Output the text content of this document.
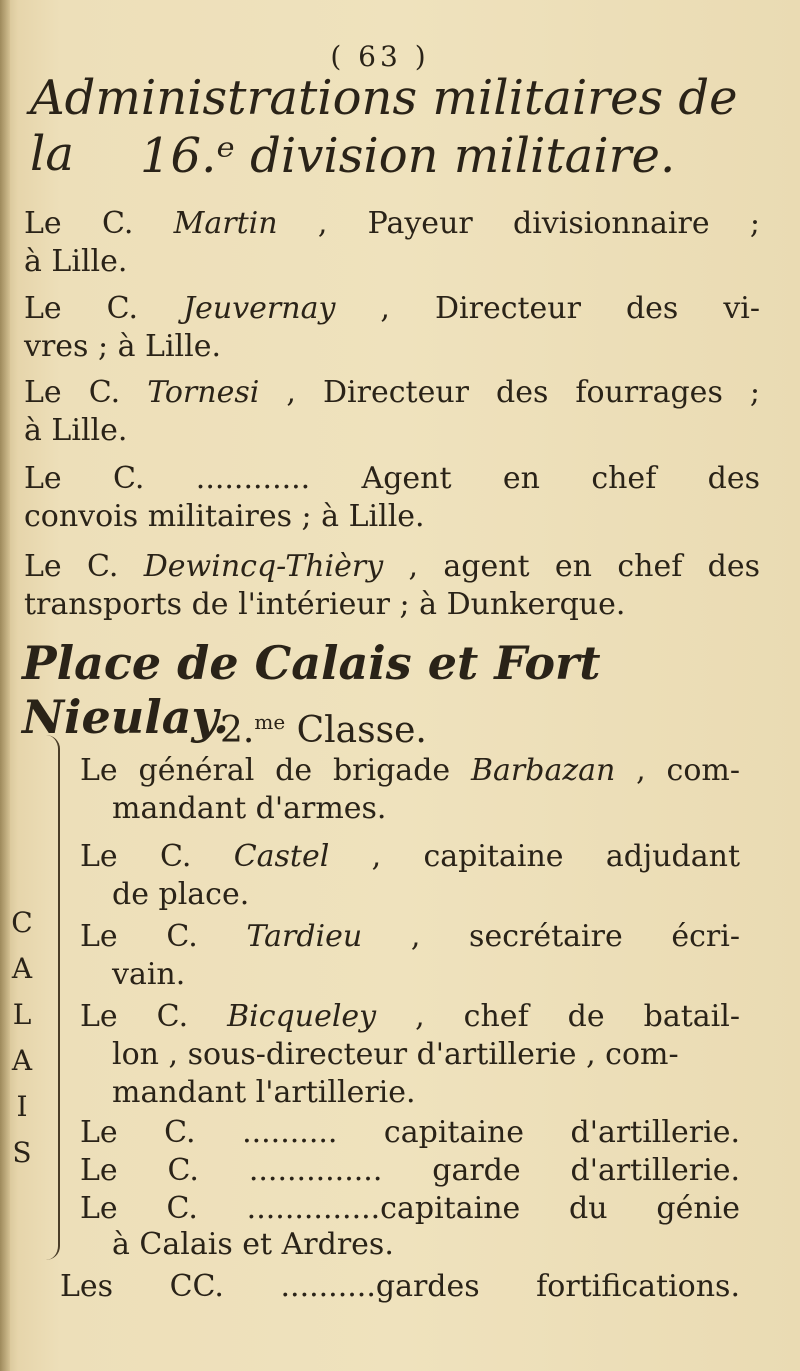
( 63 )
Administrations militaires de la	16.ᵉ division militaire.
Le C. Martin , Payeur divisionnaire ;
à Lille.
Le C. Jeuvernay , Directeur des vi-
vres ; à Lille.
Le C. Tornesi , Directeur des fourrages ;
à Lille.
Le C. ............ Agent en chef des
convois militaires ; à Lille.
Le C. Dewincq-Thièry , agent en chef des
transports de l'intérieur ; à Dunkerque.
Place de Calais et Fort Nieulay.
2.$^{me}$ Classe.
C
A
L
A
I
S
Le général de brigade Barbazan , com-
mandant d'armes.
Le C. Castel , capitaine adjudant
de place.
Le C. Tardieu , secrétaire écri-
vain.
Le C. Bicqueley , chef de batail-
lon , sous-directeur d'artillerie , com-
mandant l'artillerie.
Le C. .......... capitaine d'artillerie.
Le C. .............. garde d'artillerie.
Le C. ..............capitaine du génie
à Calais et Ardres.
Les CC. ..........gardes fortifications.
